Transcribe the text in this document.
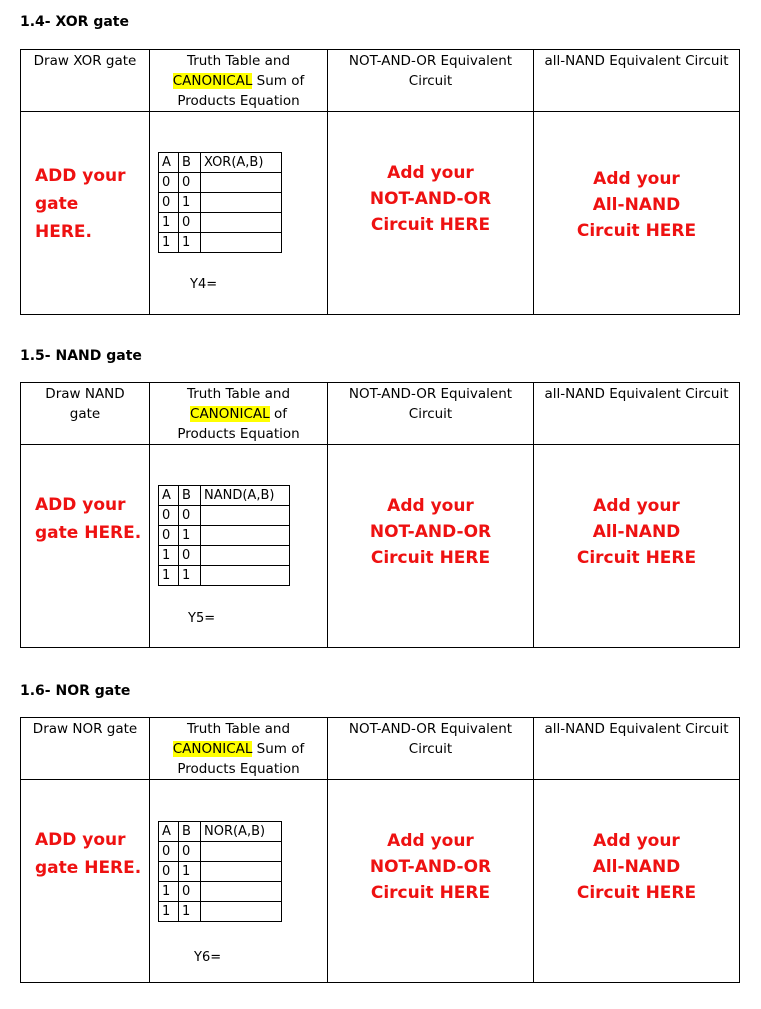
1.4- XOR gate
Draw XOR gate	Truth Table and
CANONICAL Sum of
Products Equation	NOT-AND-OR Equivalent
Circuit	all-NAND Equivalent Circuit

ADD your
gate
HERE.

A	B	XOR(A,B)
0	0	
0	1	
1	0	
1	1	
Y4=

Add your
NOT-AND-OR
Circuit HERE

Add your
All-NAND
Circuit HERE
1.5- NAND gate
Draw NAND
gate	Truth Table and
CANONICAL of
Products Equation	NOT-AND-OR Equivalent
Circuit	all-NAND Equivalent Circuit

ADD your
gate HERE.

A	B	NAND(A,B)
0	0	
0	1	
1	0	
1	1	
Y5=

Add your
NOT-AND-OR
Circuit HERE

Add your
All-NAND
Circuit HERE
1.6- NOR gate
Draw NOR gate	Truth Table and
CANONICAL Sum of
Products Equation	NOT-AND-OR Equivalent
Circuit	all-NAND Equivalent Circuit

ADD your
gate HERE.

A	B	NOR(A,B)
0	0	
0	1	
1	0	
1	1	
Y6=

Add your
NOT-AND-OR
Circuit HERE

Add your
All-NAND
Circuit HERE
